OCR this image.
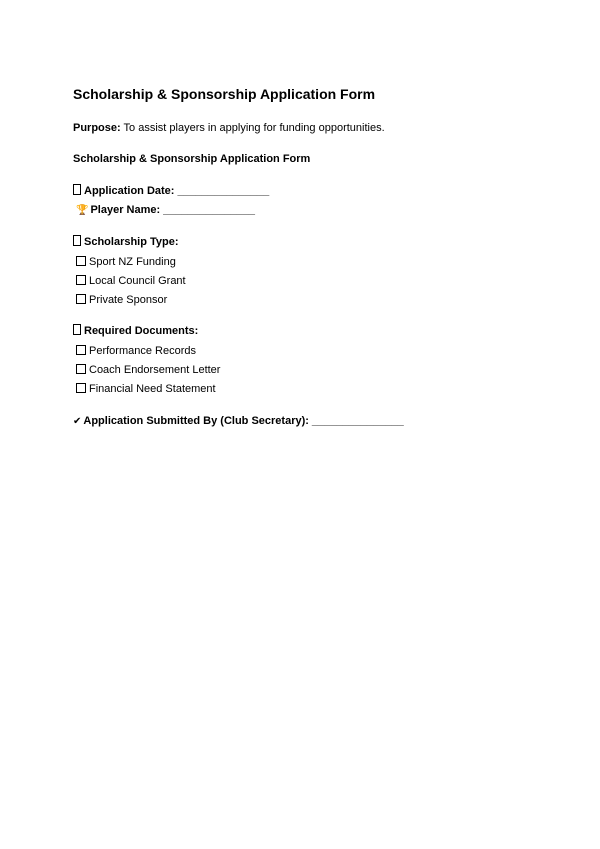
Scholarship & Sponsorship Application Form
Purpose: To assist players in applying for funding opportunities.
Scholarship & Sponsorship Application Form
Application Date: _______________
🏆 Player Name: _______________
Scholarship Type:
Sport NZ Funding
Local Council Grant
Private Sponsor
Required Documents:
Performance Records
Coach Endorsement Letter
Financial Need Statement
✔ Application Submitted By (Club Secretary): _______________
